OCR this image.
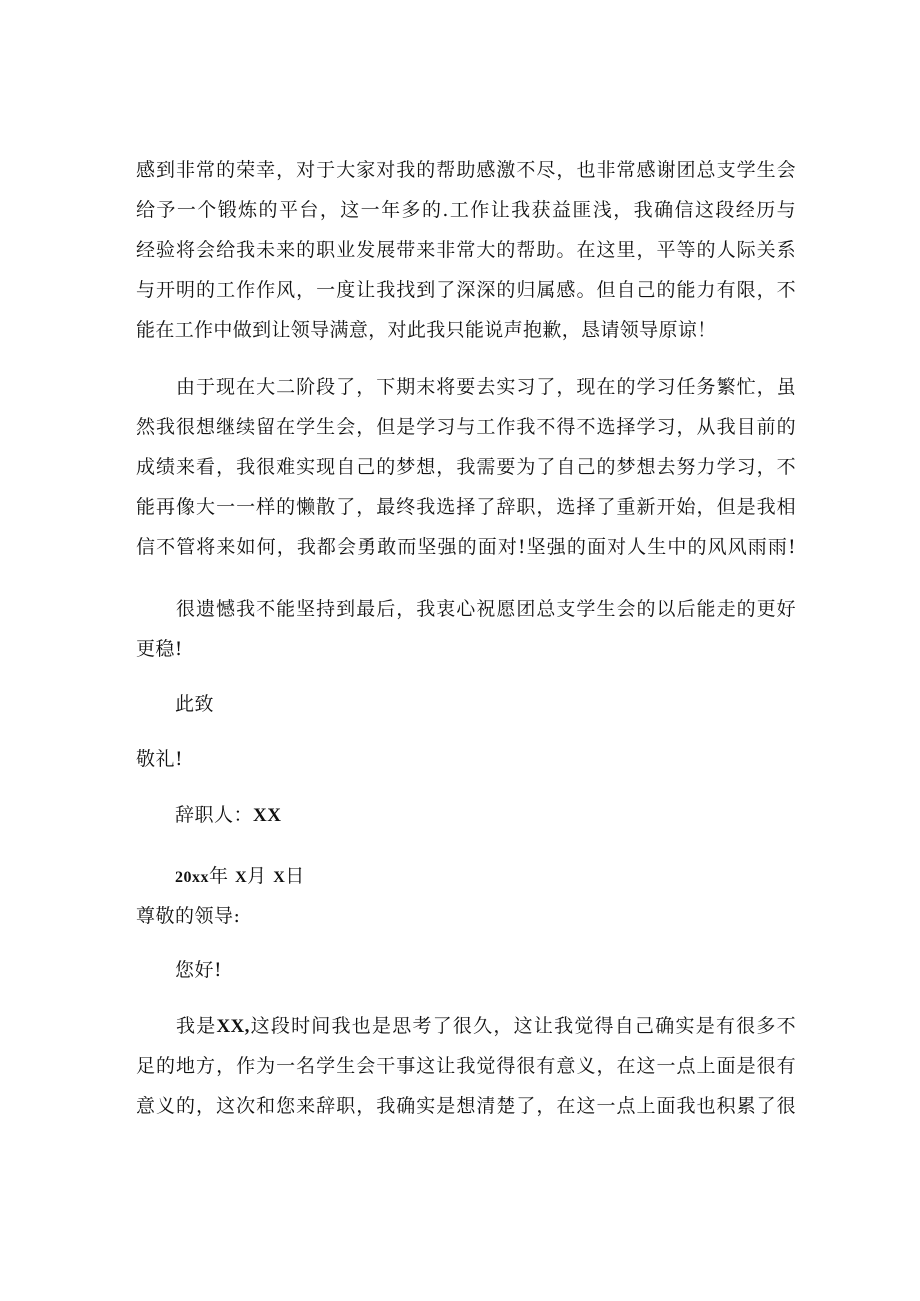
感到非常的荣幸，对于大家对我的帮助感激不尽，也非常感谢团总支学生会
给予一个锻炼的平台，这一年多的.工作让我获益匪浅，我确信这段经历与
经验将会给我未来的职业发展带来非常大的帮助。在这里，平等的人际关系
与开明的工作作风，一度让我找到了深深的归属感。但自己的能力有限，不
能在工作中做到让领导满意，对此我只能说声抱歉，恳请领导原谅！
由于现在大二阶段了，下期末将要去实习了，现在的学习任务繁忙，虽
然我很想继续留在学生会，但是学习与工作我不得不选择学习，从我目前的
成绩来看，我很难实现自己的梦想，我需要为了自己的梦想去努力学习，不
能再像大一一样的懒散了，最终我选择了辞职，选择了重新开始，但是我相
信不管将来如何，我都会勇敢而坚强的面对!坚强的面对人生中的风风雨雨!
很遗憾我不能坚持到最后，我衷心祝愿团总支学生会的以后能走的更好
更稳!
此致
敬礼!
辞职人：XX
20xx年 X月 X日
尊敬的领导:
您好!
我是XX,这段时间我也是思考了很久，这让我觉得自己确实是有很多不
足的地方，作为一名学生会干事这让我觉得很有意义，在这一点上面是很有
意义的，这次和您来辞职，我确实是想清楚了，在这一点上面我也积累了很
